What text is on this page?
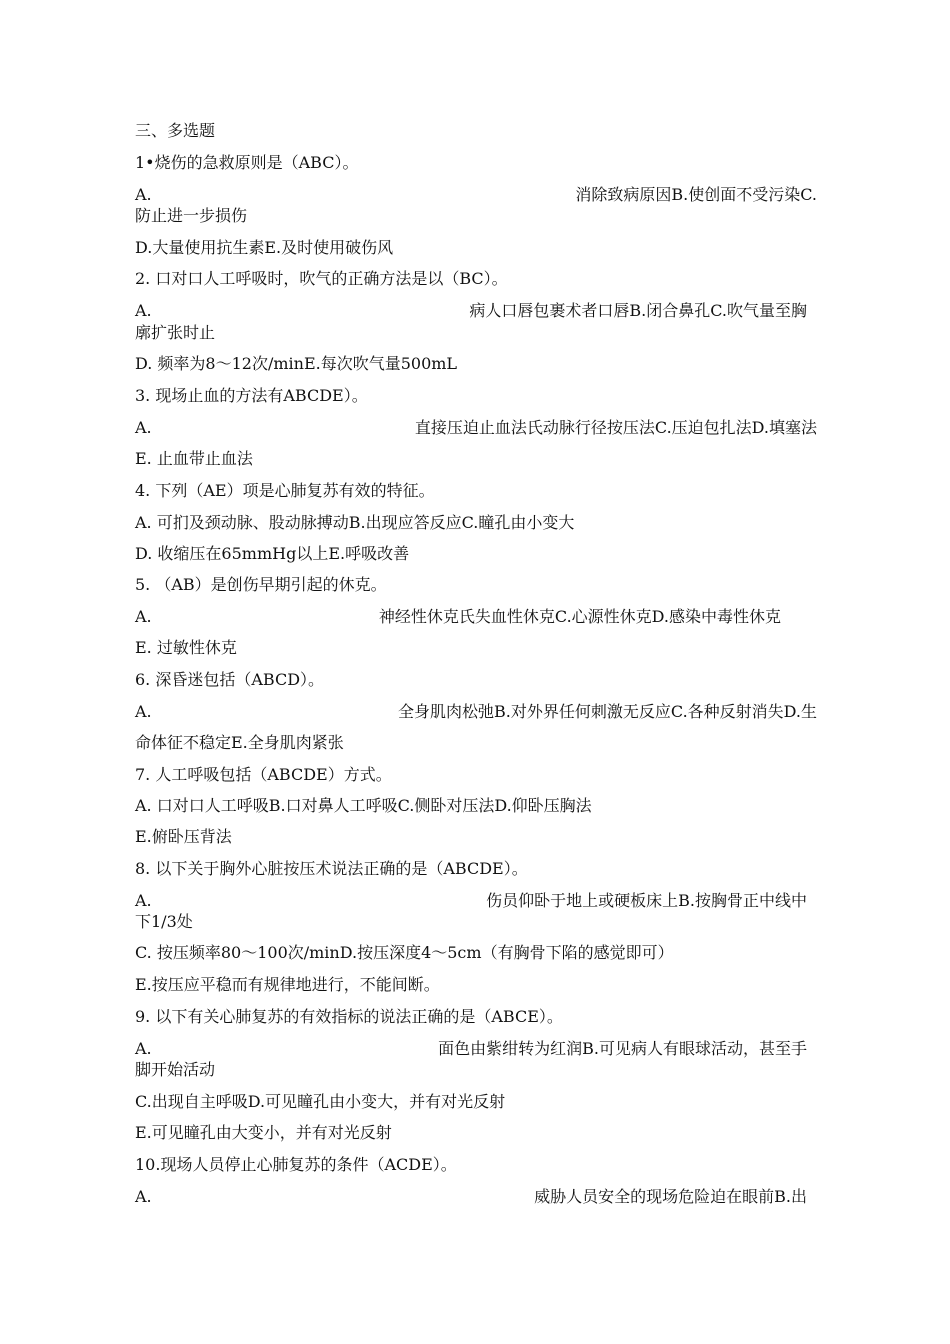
三、多选题
1•烧伤的急救原则是（ABC）。
A.	消除致病原因B.使创面不受污染C.
防止进一步损伤
D.大量使用抗生素E.及时使用破伤风
2. 口对口人工呼吸时，吹气的正确方法是以（BC）。
A.	病人口唇包裹术者口唇B.闭合鼻孔C.吹气量至胸
廓扩张时止
D. 频率为8〜12次/minE.每次吹气量500mL
3. 现场止血的方法有ABCDE）。
A.	直接压迫止血法氏动脉行径按压法C.压迫包扎法D.填塞法
E. 止血带止血法
4. 下列（AE）项是心肺复苏有效的特征。
A. 可扪及颈动脉、股动脉搏动B.出现应答反应C.瞳孔由小变大
D. 收缩压在65mmHg以上E.呼吸改善
5. （AB）是创伤早期引起的休克。
A.	神经性休克氏失血性休克C.心源性休克D.感染中毒性休克
E. 过敏性休克
6. 深昏迷包括（ABCD）。
A.	全身肌肉松弛B.对外界任何刺激无反应C.各种反射消失D.生
命体征不稳定E.全身肌肉紧张
7. 人工呼吸包括（ABCDE）方式。
A. 口对口人工呼吸B.口对鼻人工呼吸C.侧卧对压法D.仰卧压胸法
E.俯卧压背法
8. 以下关于胸外心脏按压术说法正确的是（ABCDE）。
A.	伤员仰卧于地上或硬板床上B.按胸骨正中线中
下1/3处
C. 按压频率80〜100次/minD.按压深度4〜5cm（有胸骨下陷的感觉即可）
E.按压应平稳而有规律地进行，不能间断。
9. 以下有关心肺复苏的有效指标的说法正确的是（ABCE）。
A.	面色由紫绀转为红润B.可见病人有眼球活动，甚至手
脚开始活动
C.出现自主呼吸D.可见瞳孔由小变大，并有对光反射
E.可见瞳孔由大变小，并有对光反射
10.现场人员停止心肺复苏的条件（ACDE）。
A.	威胁人员安全的现场危险迫在眼前B.出
